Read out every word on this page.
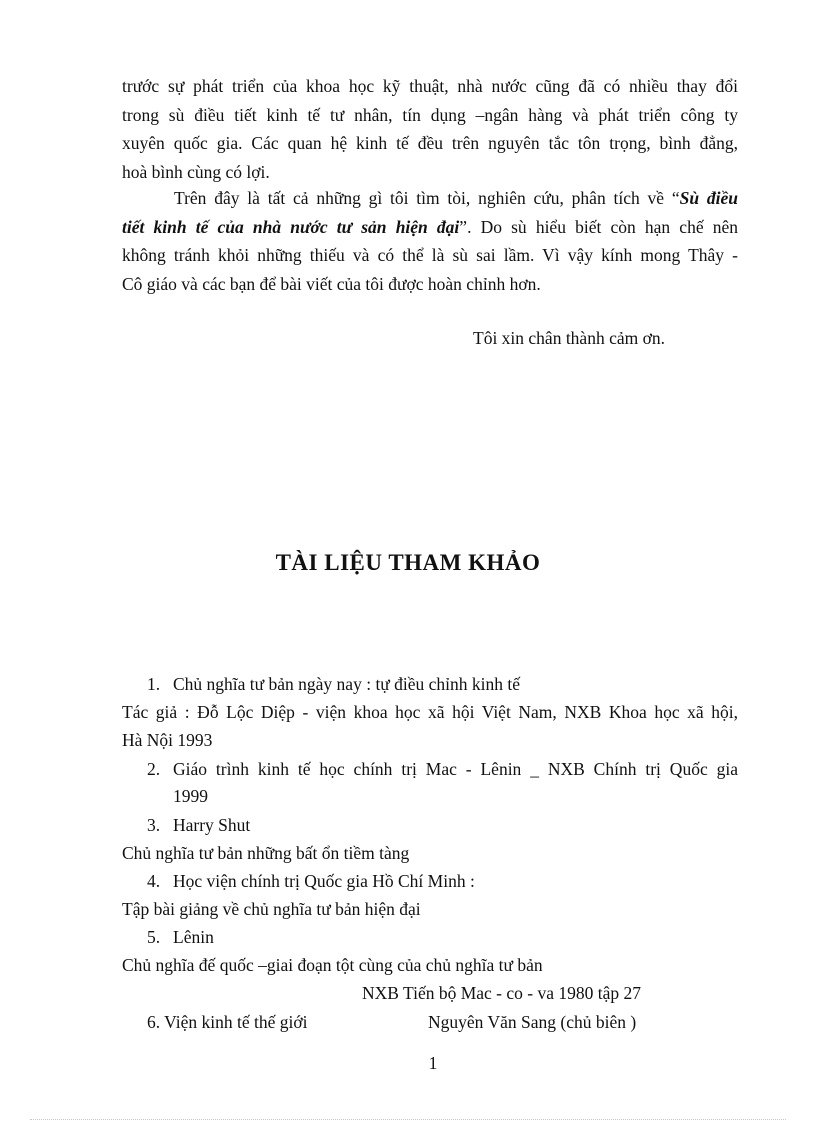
trước sự phát triển của khoa học kỹ thuật, nhà nước cũng đã có nhiều thay đổi
trong sù điều tiết kinh tế tư nhân, tín dụng –ngân hàng và phát triển công ty
xuyên quốc gia. Các quan hệ kinh tế đều trên nguyên tắc tôn trọng, bình đẳng,
hoà bình cùng có lợi.
Trên đây là tất cả những gì tôi tìm tòi, nghiên cứu, phân tích về “Sù điều
tiết kinh tế của nhà nước tư sản hiện đại”. Do sù hiểu biết còn hạn chế nên
không tránh khỏi những thiếu và có thể là sù sai lầm. Vì vậy kính mong Thây -
Cô giáo và các bạn để bài viết của tôi được hoàn chỉnh hơn.
Tôi xin chân thành cảm ơn.
TÀI LIỆU THAM KHẢO
1. Chủ nghĩa tư bản ngày nay : tự điều chỉnh kinh tế
Tác giả : Đỗ Lộc Diệp - viện khoa học xã hội Việt Nam, NXB Khoa học xã hội,
Hà Nội 1993
2. Giáo trình kinh tế học chính trị Mac - Lênin _ NXB Chính trị Quốc gia
1999
3. Harry Shut
Chủ nghĩa tư bản những bất ổn tiềm tàng
4. Học viện chính trị Quốc gia Hồ Chí Minh :
Tập bài giảng về chủ nghĩa tư bản hiện đại
5. Lênin
Chủ nghĩa đế quốc –giai đoạn tột cùng của chủ nghĩa tư bản
NXB Tiến bộ Mac - co - va 1980 tập 27
6. Viện kinh tế thế giới	Nguyên Văn Sang (chủ biên )
1
